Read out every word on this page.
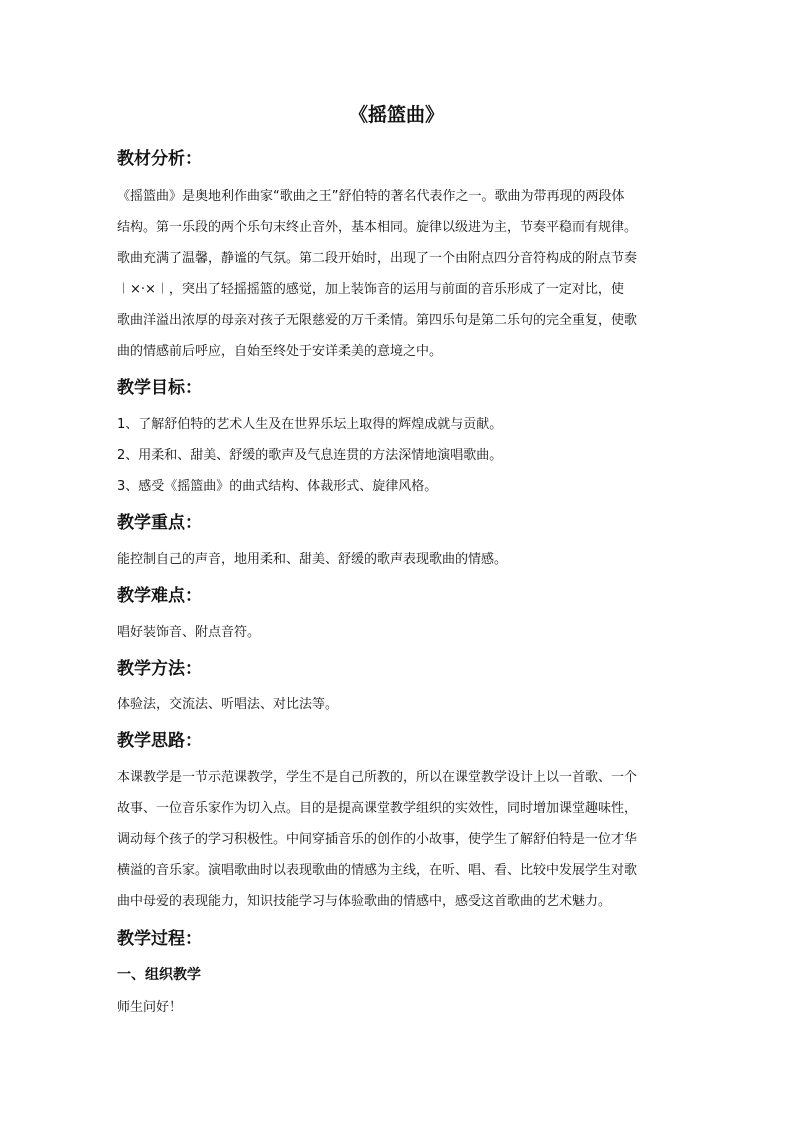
《摇篮曲》
教材分析：
《摇篮曲》是奥地利作曲家“歌曲之王”舒伯特的著名代表作之一。歌曲为带再现的两段体
结构。第一乐段的两个乐句末终止音外，基本相同。旋律以级进为主，节奏平稳而有规律。
歌曲充满了温馨，静谧的气氛。第二段开始时，出现了一个由附点四分音符构成的附点节奏
︱×·×︱，突出了轻摇摇篮的感觉，加上装饰音的运用与前面的音乐形成了一定对比，使
歌曲洋溢出浓厚的母亲对孩子无限慈爱的万千柔情。第四乐句是第二乐句的完全重复，使歌
曲的情感前后呼应，自始至终处于安详柔美的意境之中。
教学目标：
1、了解舒伯特的艺术人生及在世界乐坛上取得的辉煌成就与贡献。
2、用柔和、甜美、舒缓的歌声及气息连贯的方法深情地演唱歌曲。
3、感受《摇篮曲》的曲式结构、体裁形式、旋律风格。
教学重点：
能控制自己的声音，地用柔和、甜美、舒缓的歌声表现歌曲的情感。
教学难点：
唱好装饰音、附点音符。
教学方法：
体验法，交流法、听唱法、对比法等。
教学思路：
本课教学是一节示范课教学，学生不是自己所教的，所以在课堂教学设计上以一首歌、一个
故事、一位音乐家作为切入点。目的是提高课堂教学组织的实效性，同时增加课堂趣味性，
调动每个孩子的学习积极性。中间穿插音乐的创作的小故事，使学生了解舒伯特是一位才华
横溢的音乐家。演唱歌曲时以表现歌曲的情感为主线，在听、唱、看、比较中发展学生对歌
曲中母爱的表现能力，知识技能学习与体验歌曲的情感中，感受这首歌曲的艺术魅力。
教学过程：
一、组织教学
师生问好！
